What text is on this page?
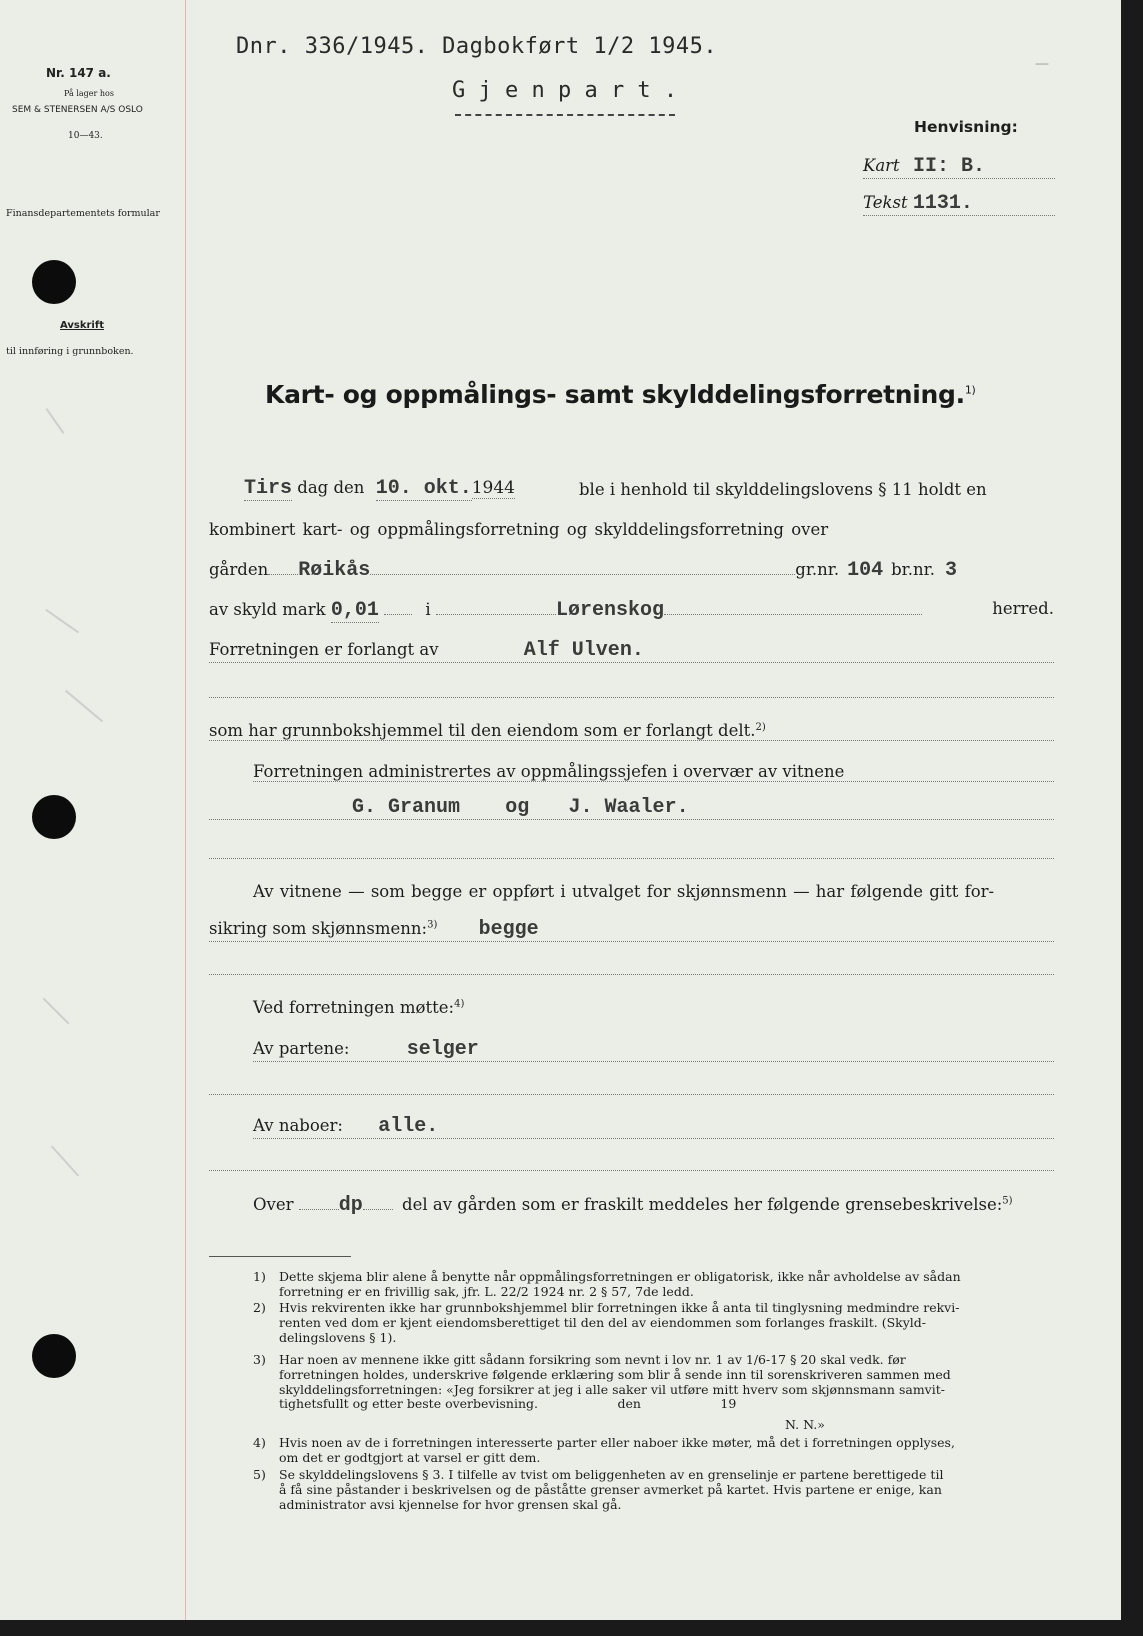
Nr. 147 a.
På lager hos
SEM & STENERSEN A/S OSLO
10—43.
Finansdepartementets formular
Avskrift
til innføring i grunnboken.
Dnr. 336/1945. Dagbokført 1/2 1945.
G j e n p a r t .
—
Henvisning:
Kart II: B.
Tekst 1131.
Kart- og oppmålings- samt skylddelingsforretning.$^{1)}$
Tirs dag den 10. okt.1944	ble i henhold til skylddelingslovens § 11 holdt en
kombinert kart- og oppmålingsforretning og skylddelingsforretning over
gården Røikås	gr.nr. 104 br.nr. 3
av skyld mark 0,01	i	Lørenskog	herred.
Forretningen er forlangt av	Alf Ulven.
som har grunnbokshjemmel til den eiendom som er forlangt delt.$^{2)}$
Forretningen administrertes av oppmålingssjefen i overvær av vitnene
G. Granum og J. Waaler.
Av vitnene — som begge er oppført i utvalget for skjønnsmenn — har følgende gitt for-
sikring som skjønnsmenn:$^{3)}$ begge
Ved forretningen møtte:$^{4)}$
Av partene:	selger
Av naboer: alle.
Over dp del av gården som er fraskilt meddeles her følgende grensebeskrivelse:$^{5)}$
1) Dette skjema blir alene å benytte når oppmålingsforretningen er obligatorisk, ikke når avholdelse av sådan
forretning er en frivillig sak, jfr. L. 22/2 1924 nr. 2 § 57, 7de ledd.
2) Hvis rekvirenten ikke har grunnbokshjemmel blir forretningen ikke å anta til tinglysning medmindre rekvi-
renten ved dom er kjent eiendomsberettiget til den del av eiendommen som forlanges fraskilt. (Skyld-
delingslovens § 1).
3) Har noen av mennene ikke gitt sådann forsikring som nevnt i lov nr. 1 av 1/6-17 § 20 skal vedk. før
forretningen holdes, underskrive følgende erklæring som blir å sende inn til sorenskriveren sammen med
skylddelingsforretningen: «Jeg forsikrer at jeg i alle saker vil utføre mitt hverv som skjønnsmann samvit-
tighetsfullt og etter beste overbevisning.                    den                    19
N. N.»
4) Hvis noen av de i forretningen interesserte parter eller naboer ikke møter, må det i forretningen opplyses,
om det er godtgjort at varsel er gitt dem.
5) Se skylddelingslovens § 3. I tilfelle av tvist om beliggenheten av en grenselinje er partene berettigede til
å få sine påstander i beskrivelsen og de påståtte grenser avmerket på kartet. Hvis partene er enige, kan
administrator avsi kjennelse for hvor grensen skal gå.
